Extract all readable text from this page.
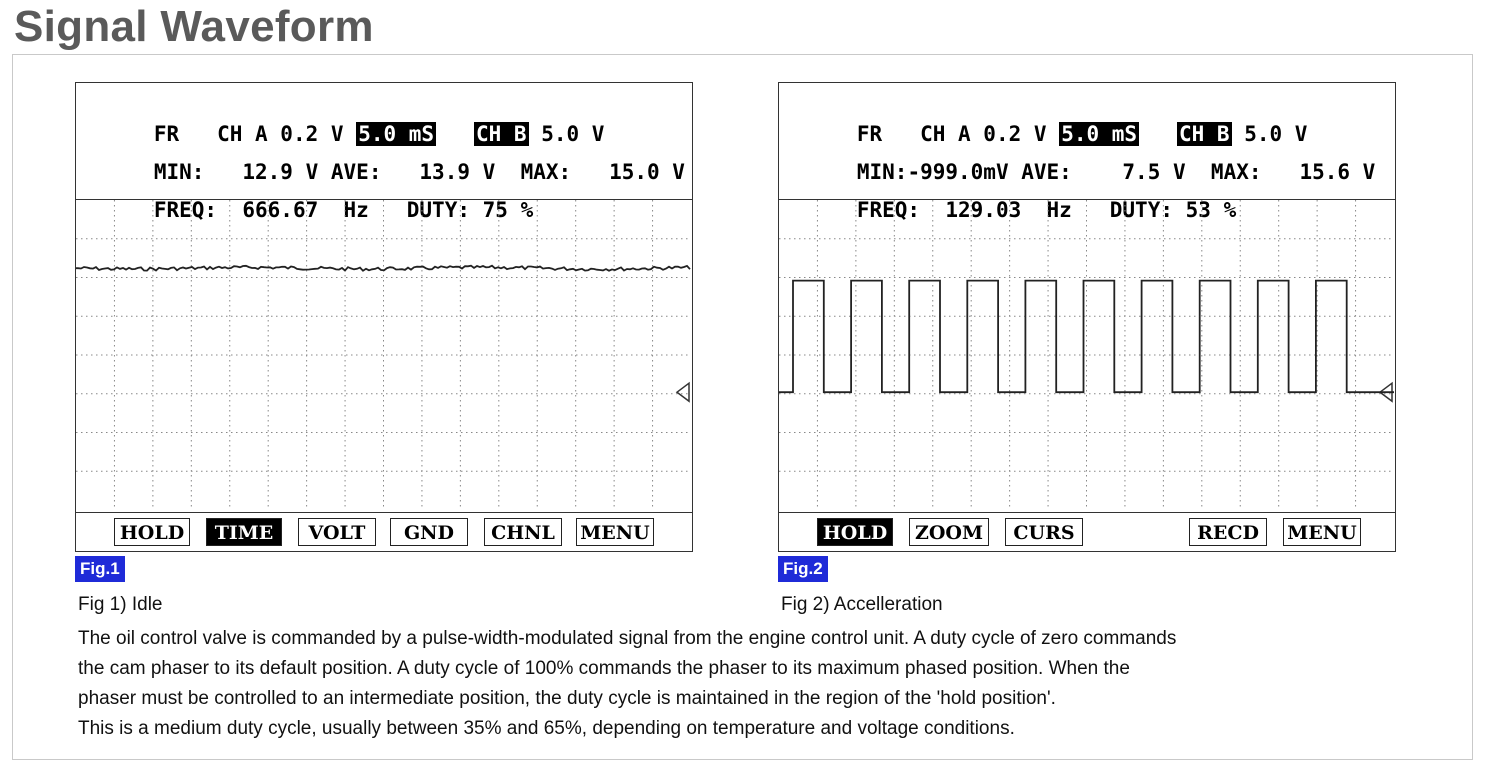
Signal Waveform

FR CH A 0.2 V 5.0 mS CH B 5.0 V

MIN: 12.9 V AVE: 13.9 V MAX: 15.0 V

FREQ: 666.67 Hz DUTY: 75 %

HOLD	TIME	VOLT	GND	CHNL	MENU
Fig.1
Fig 1) Idle

FR CH A 0.2 V 5.0 mS CH B 5.0 V

MIN:-999.0mV AVE: 7.5 V MAX: 15.6 V

FREQ: 129.03 Hz DUTY: 53 %

HOLD	ZOOM	CURS	RECD	MENU
Fig.2
Fig 2) Accelleration
The oil control valve is commanded by a pulse-width-modulated signal from the engine control unit. A duty cycle of zero commands
the cam phaser to its default position. A duty cycle of 100% commands the phaser to its maximum phased position. When the
phaser must be controlled to an intermediate position, the duty cycle is maintained in the region of the 'hold position'.
This is a medium duty cycle, usually between 35% and 65%, depending on temperature and voltage conditions.
